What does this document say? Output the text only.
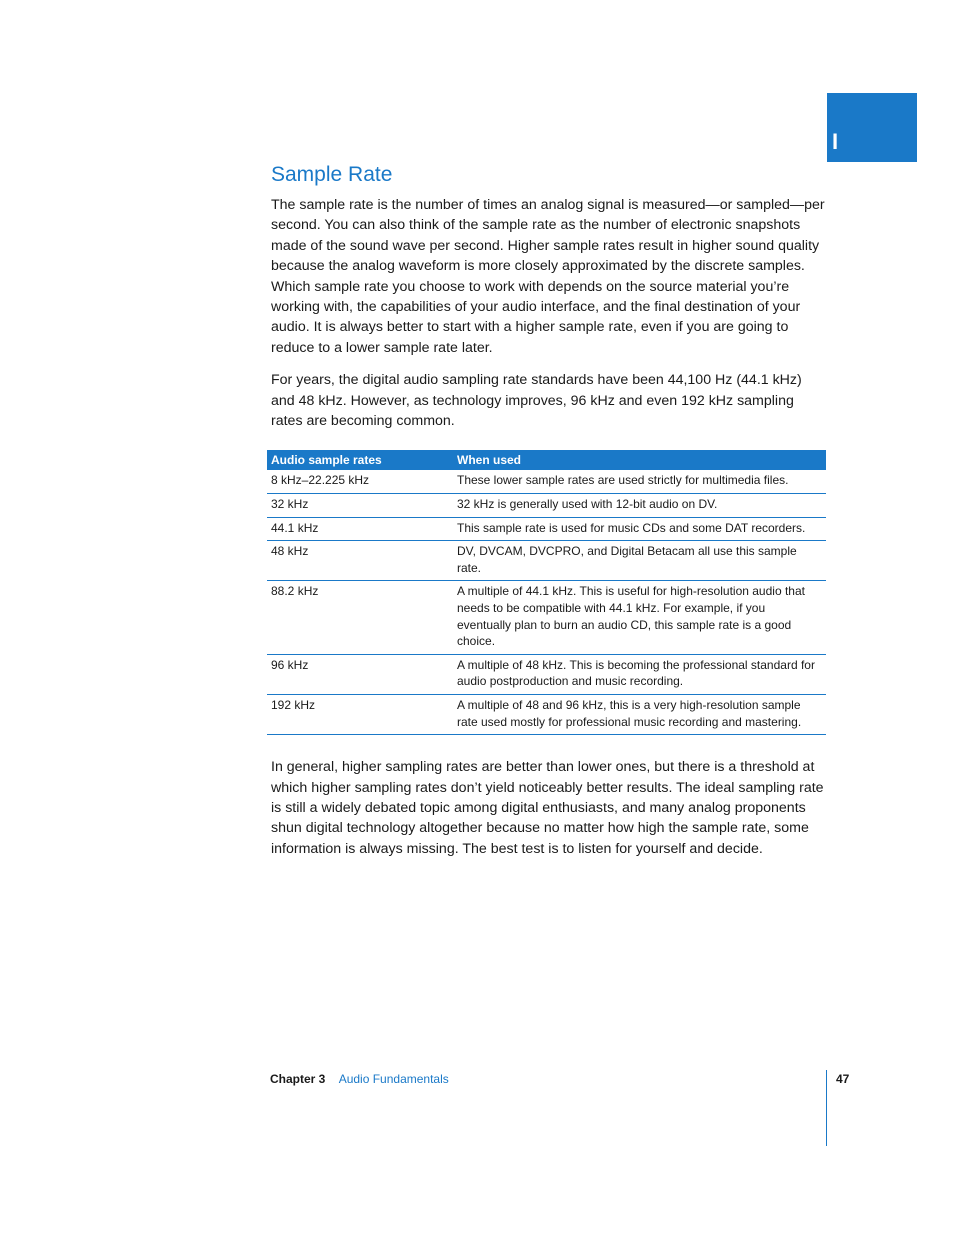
I
Sample Rate

The sample rate is the number of times an analog signal is measured—or sampled—per second. You can also think of the sample rate as the number of electronic snapshots made of the sound wave per second. Higher sample rates result in higher sound quality because the analog waveform is more closely approximated by the discrete samples. Which sample rate you choose to work with depends on the source material you’re working with, the capabilities of your audio interface, and the final destination of your audio. It is always better to start with a higher sample rate, even if you are going to reduce to a lower sample rate later.

For years, the digital audio sampling rate standards have been 44,100 Hz (44.1 kHz) and 48 kHz. However, as technology improves, 96 kHz and even 192 kHz sampling rates are becoming common.

Audio sample rates	When used
8 kHz–22.225 kHz	These lower sample rates are used strictly for multimedia files.
32 kHz	32 kHz is generally used with 12-bit audio on DV.
44.1 kHz	This sample rate is used for music CDs and some DAT recorders.
48 kHz	DV, DVCAM, DVCPRO, and Digital Betacam all use this sample rate.
88.2 kHz	A multiple of 44.1 kHz. This is useful for high-resolution audio that needs to be compatible with 44.1 kHz. For example, if you eventually plan to burn an audio CD, this sample rate is a good choice.
96 kHz	A multiple of 48 kHz. This is becoming the professional standard for audio postproduction and music recording.
192 kHz	A multiple of 48 and 96 kHz, this is a very high-resolution sample rate used mostly for professional music recording and mastering.

In general, higher sampling rates are better than lower ones, but there is a threshold at which higher sampling rates don’t yield noticeably better results. The ideal sampling rate is still a widely debated topic among digital enthusiasts, and many analog proponents shun digital technology altogether because no matter how high the sample rate, some information is always missing. The best test is to listen for yourself and decide.

Chapter 3 Audio Fundamentals	47
